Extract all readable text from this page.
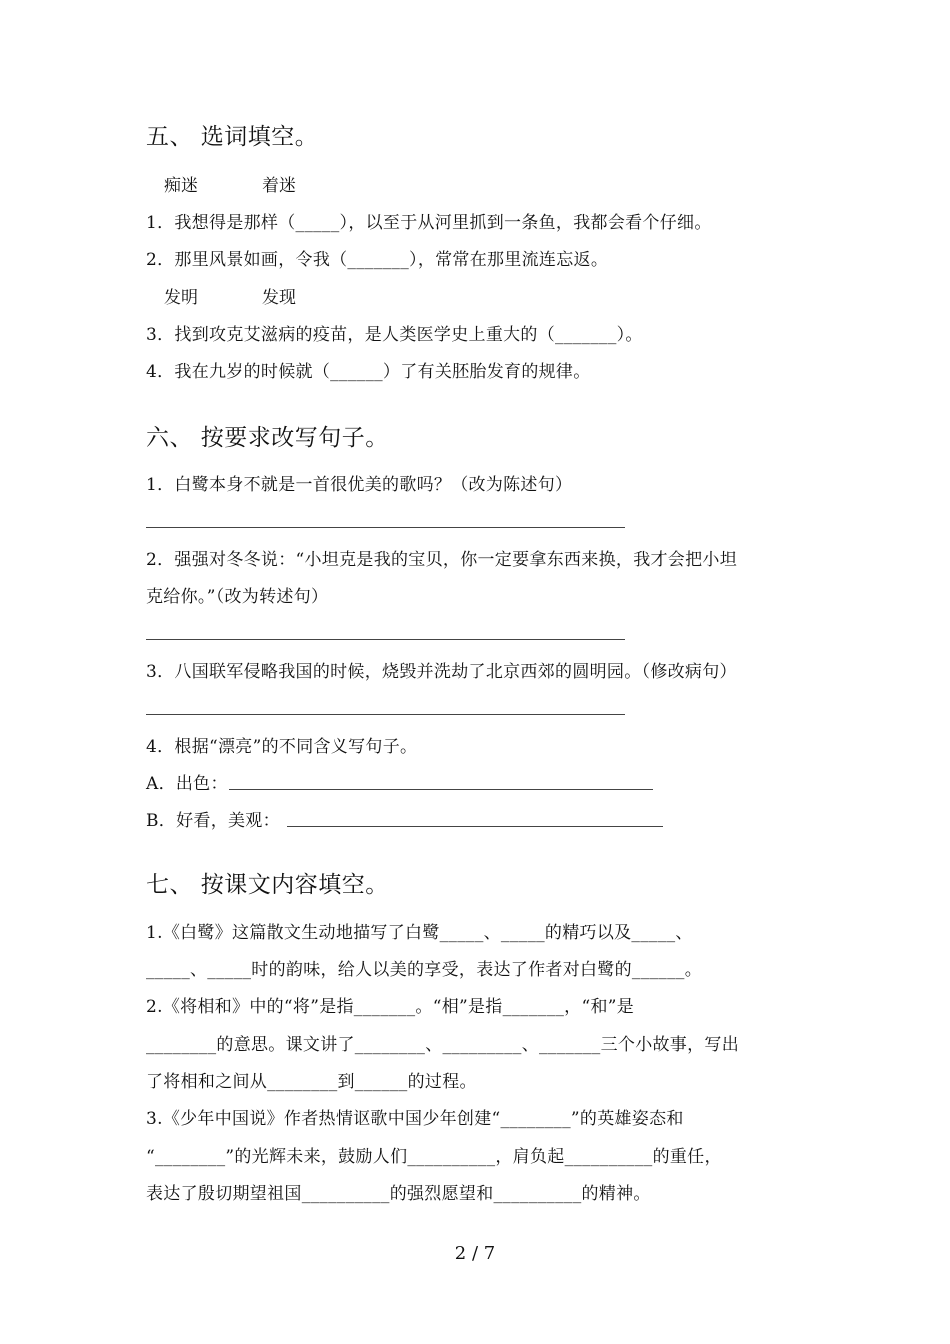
五、 选词填空。
痴迷	着迷
1．我想得是那样（_____），以至于从河里抓到一条鱼，我都会看个仔细。
2．那里风景如画，令我（_______），常常在那里流连忘返。
发明	发现
3．找到攻克艾滋病的疫苗，是人类医学史上重大的（_______）。
4．我在九岁的时候就（______）了有关胚胎发育的规律。
六、 按要求改写句子。
1．白鹭本身不就是一首很优美的歌吗？（改为陈述句）
2．强强对冬冬说：“小坦克是我的宝贝，你一定要拿东西来换，我才会把小坦
克给你。”（改为转述句）
3．八国联军侵略我国的时候，烧毁并洗劫了北京西郊的圆明园。（修改病句）
4．根据“漂亮”的不同含义写句子。
A．出色：
B．好看，美观：
七、 按课文内容填空。
1.《白鹭》这篇散文生动地描写了白鹭_____、_____的精巧以及_____、
_____、_____时的韵味，给人以美的享受，表达了作者对白鹭的______。
2.《将相和》中的“将”是指_______。“相”是指_______，“和”是
________的意思。课文讲了________、_________、_______三个小故事，写出
了将相和之间从________到______的过程。
3.《少年中国说》作者热情讴歌中国少年创建“________”的英雄姿态和
“________”的光辉未来，鼓励人们__________，肩负起__________的重任，
表达了殷切期望祖国__________的强烈愿望和__________的精神。
2 / 7
